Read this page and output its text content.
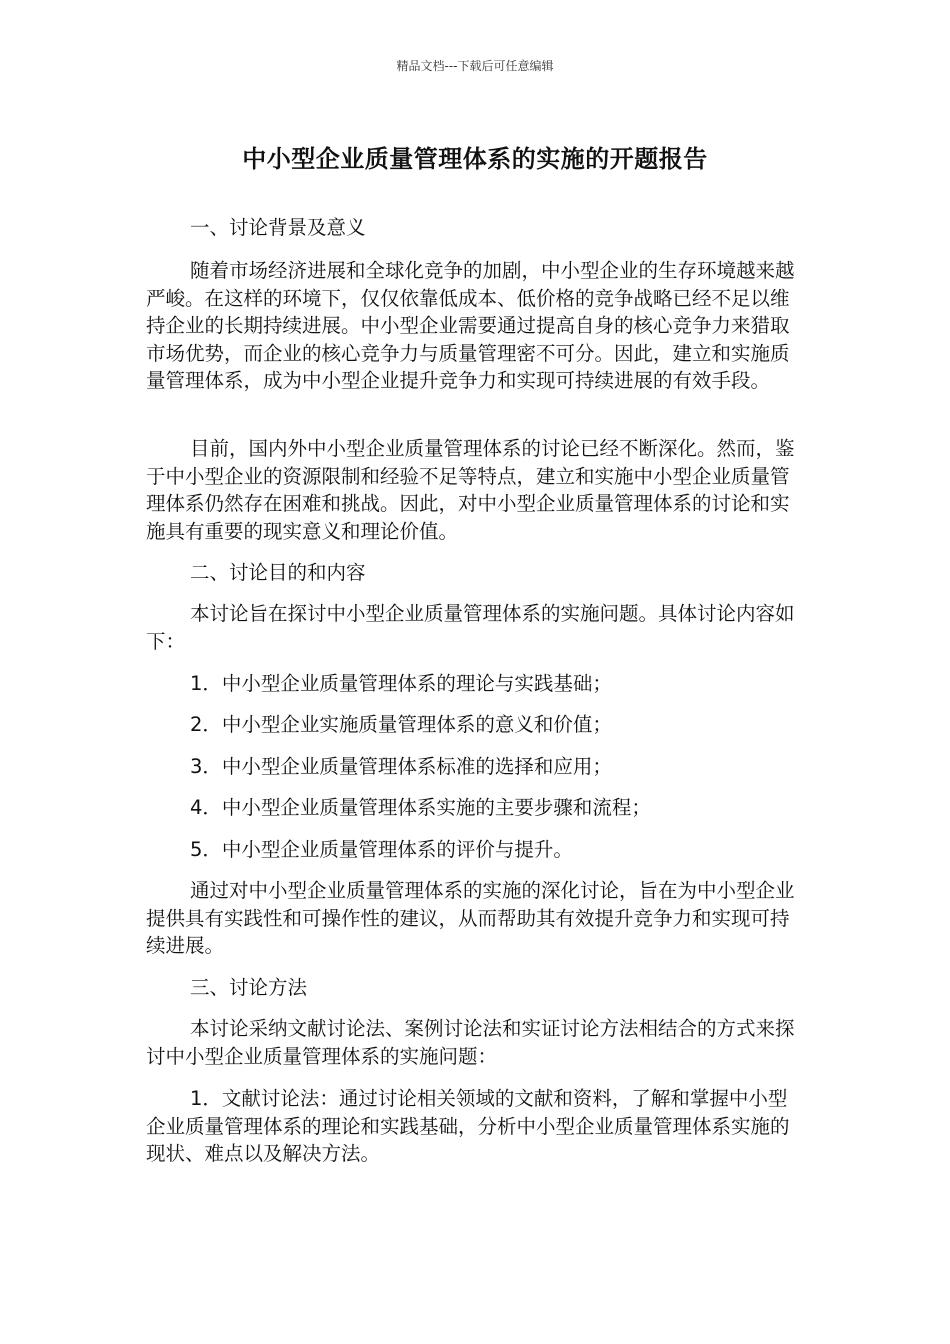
精品文档---下载后可任意编辑
中小型企业质量管理体系的实施的开题报告
一、讨论背景及意义
随着市场经济进展和全球化竞争的加剧，中小型企业的生存环境越来越严峻。在这样的环境下，仅仅依靠低成本、低价格的竞争战略已经不足以维持企业的长期持续进展。中小型企业需要通过提高自身的核心竞争力来猎取市场优势，而企业的核心竞争力与质量管理密不可分。因此，建立和实施质量管理体系，成为中小型企业提升竞争力和实现可持续进展的有效手段。
目前，国内外中小型企业质量管理体系的讨论已经不断深化。然而，鉴于中小型企业的资源限制和经验不足等特点，建立和实施中小型企业质量管理体系仍然存在困难和挑战。因此，对中小型企业质量管理体系的讨论和实施具有重要的现实意义和理论价值。
二、讨论目的和内容
本讨论旨在探讨中小型企业质量管理体系的实施问题。具体讨论内容如下：
1．中小型企业质量管理体系的理论与实践基础；
2．中小型企业实施质量管理体系的意义和价值；
3．中小型企业质量管理体系标准的选择和应用；
4．中小型企业质量管理体系实施的主要步骤和流程；
5．中小型企业质量管理体系的评价与提升。
通过对中小型企业质量管理体系的实施的深化讨论，旨在为中小型企业提供具有实践性和可操作性的建议，从而帮助其有效提升竞争力和实现可持续进展。
三、讨论方法
本讨论采纳文献讨论法、案例讨论法和实证讨论方法相结合的方式来探讨中小型企业质量管理体系的实施问题：
1．文献讨论法：通过讨论相关领域的文献和资料，了解和掌握中小型企业质量管理体系的理论和实践基础，分析中小型企业质量管理体系实施的现状、难点以及解决方法。
